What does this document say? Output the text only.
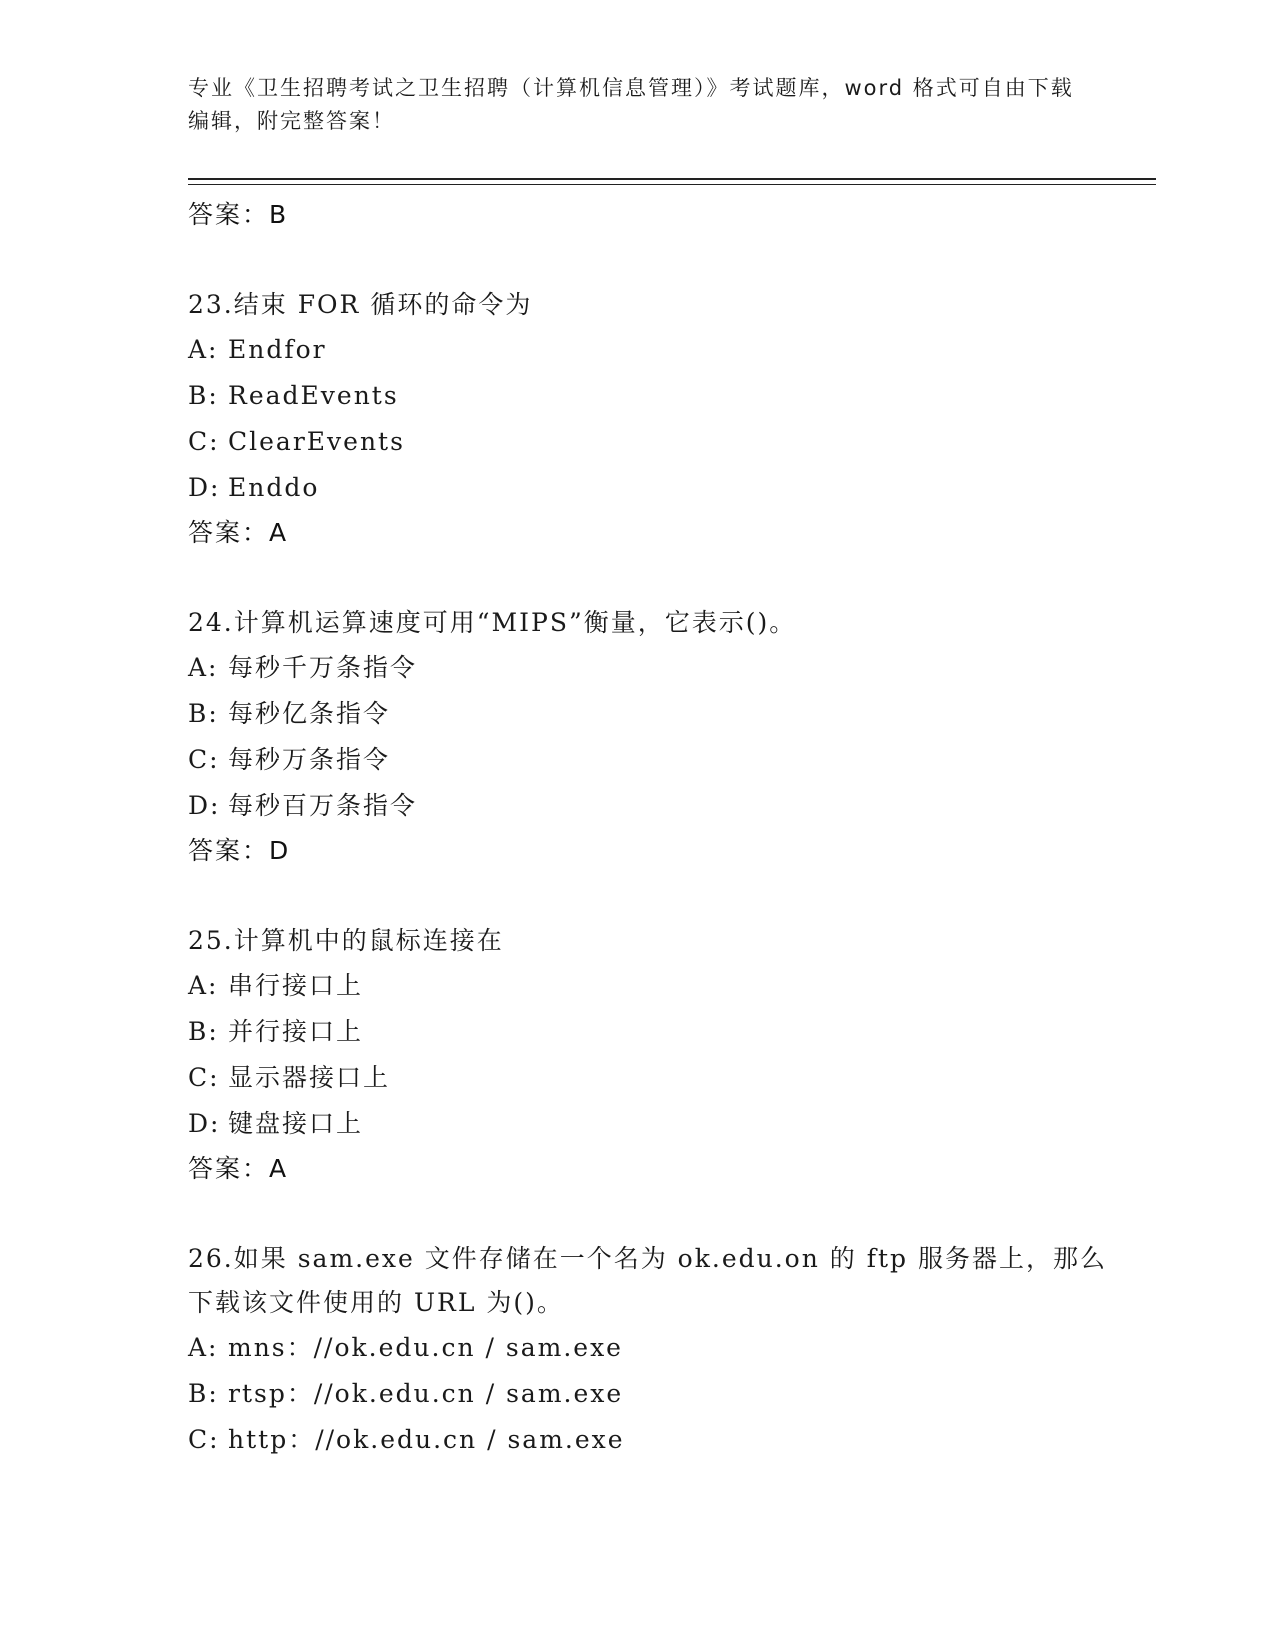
专业《卫生招聘考试之卫生招聘（计算机信息管理）》考试题库，word 格式可自由下载编辑，附完整答案！
答案：B
23.结束 FOR 循环的命令为
A: Endfor
B: ReadEvents
C: ClearEvents
D: Enddo
答案：A
24.计算机运算速度可用“MIPS”衡量，它表示()。
A: 每秒千万条指令
B: 每秒亿条指令
C: 每秒万条指令
D: 每秒百万条指令
答案：D
25.计算机中的鼠标连接在
A: 串行接口上
B: 并行接口上
C: 显示器接口上
D: 键盘接口上
答案：A
26.如果 sam.exe 文件存储在一个名为 ok.edu.on 的 ftp 服务器上，那么下载该文件使用的 URL 为()。
A: mns：//ok.edu.cn / sam.exe
B: rtsp：//ok.edu.cn / sam.exe
C: http：//ok.edu.cn / sam.exe
